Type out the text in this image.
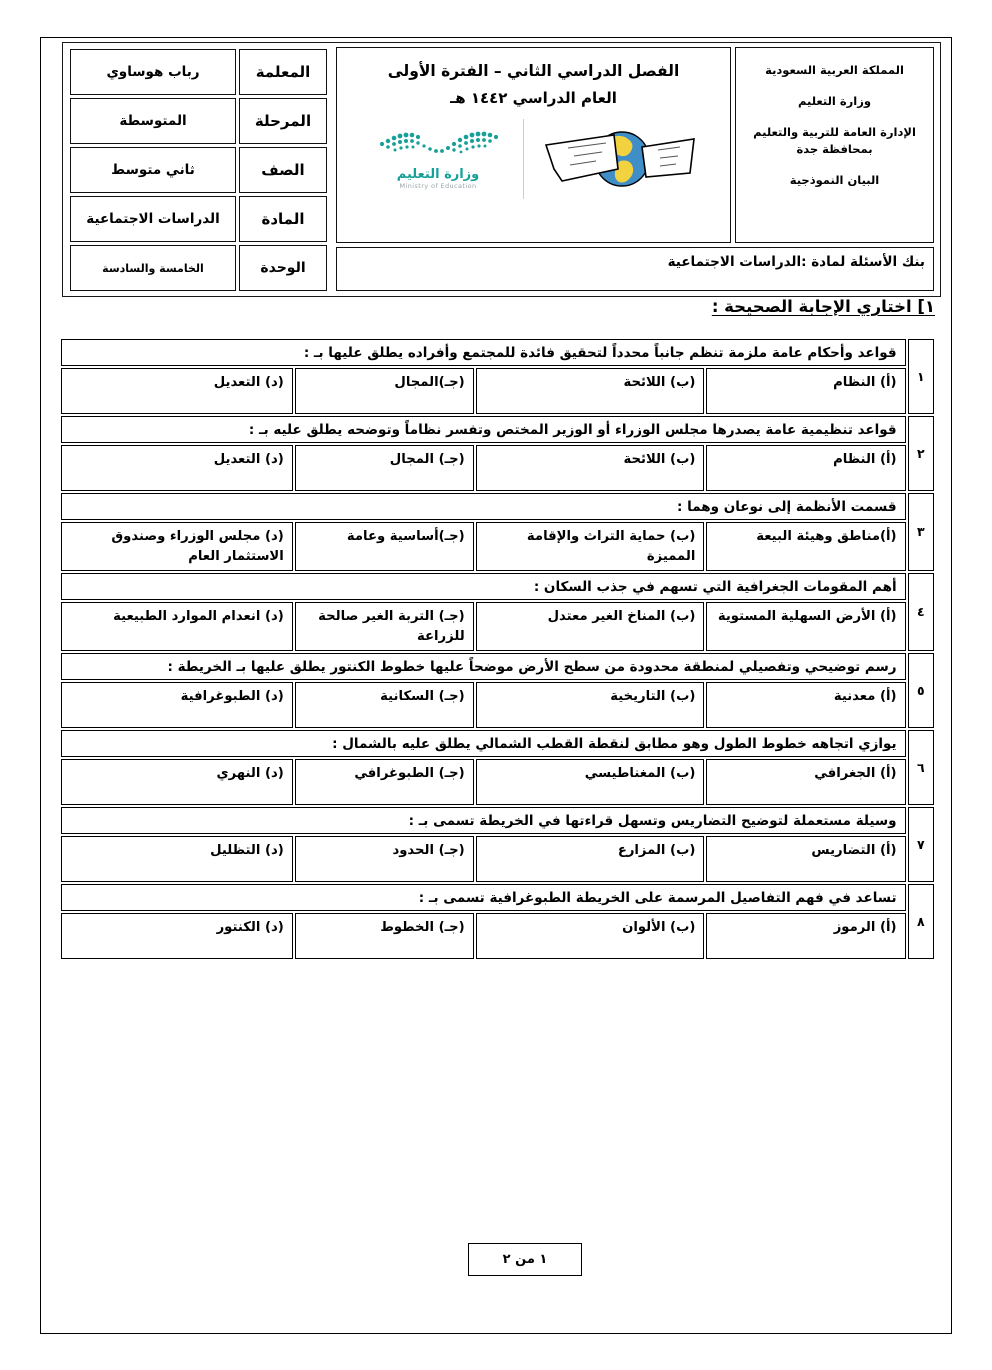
المملكة العربية السعودية
وزارة التعليم
الإدارة العامة للتربية والتعليم بمحافظة جدة
البيان النموذجية
الفصل الدراسي الثاني – الفترة الأولى
العام الدراسي ١٤٤٢ هـ
وزارة التعليم
Ministry of Education
بنك الأسئلة لمادة :الدراسات الاجتماعية
المعلمة	رباب هوساوي
المرحلة	المتوسطة
الصف	ثاني متوسط
المادة	الدراسات الاجتماعية
الوحدة	الخامسة والسادسة
١] اختاري الإجابة الصحيحة :
١	قواعد وأحكام عامة ملزمة تنظم جانباً محدداً لتحقيق فائدة للمجتمع وأفراده يطلق عليها بـ :			
	(أ) النظام	(ب) اللائحة	(جـ)المجال	(د) التعديل
٢	قواعد تنظيمية عامة يصدرها مجلس الوزراء أو الوزير المختص وتفسر نظاماً وتوضحه يطلق عليه بـ :			
	(أ) النظام	(ب) اللائحة	(جـ) المجال	(د) التعديل
٣	قسمت الأنظمة إلى نوعان وهما :			
	(أ)مناطق وهيئة البيعة	(ب) حماية التراث والإقامة المميزة	(جـ)أساسية وعامة	(د) مجلس الوزراء وصندوق الاستثمار العام
٤	أهم المقومات الجغرافية التي تسهم في جذب السكان :			
	(أ) الأرض السهلية المستوية	(ب) المناخ الغير معتدل	(جـ) التربة الغير صالحة للزراعة	(د) انعدام الموارد الطبيعية
٥	رسم توضيحي وتفصيلي لمنطقة محدودة من سطح الأرض موضحاً عليها خطوط الكنتور يطلق عليها بـ الخريطة :			
	(أ) معدنية	(ب) التاريخية	(جـ) السكانية	(د) الطبوغرافية
٦	يوازي اتجاهه خطوط الطول وهو مطابق لنقطة القطب الشمالي يطلق عليه بالشمال :			
	(أ) الجغرافي	(ب) المغناطيسي	(جـ) الطبوغرافي	(د) النهري
٧	وسيلة مستعملة لتوضيح التضاريس وتسهل قراءتها في الخريطة تسمى بـ :			
	(أ) التضاريس	(ب) المزارع	(جـ) الحدود	(د) التظليل
٨	تساعد في فهم التفاصيل المرسمة على الخريطة الطبوغرافية تسمى بـ :			
	(أ) الرموز	(ب) الألوان	(جـ) الخطوط	(د) الكنتور
١ من ٢
